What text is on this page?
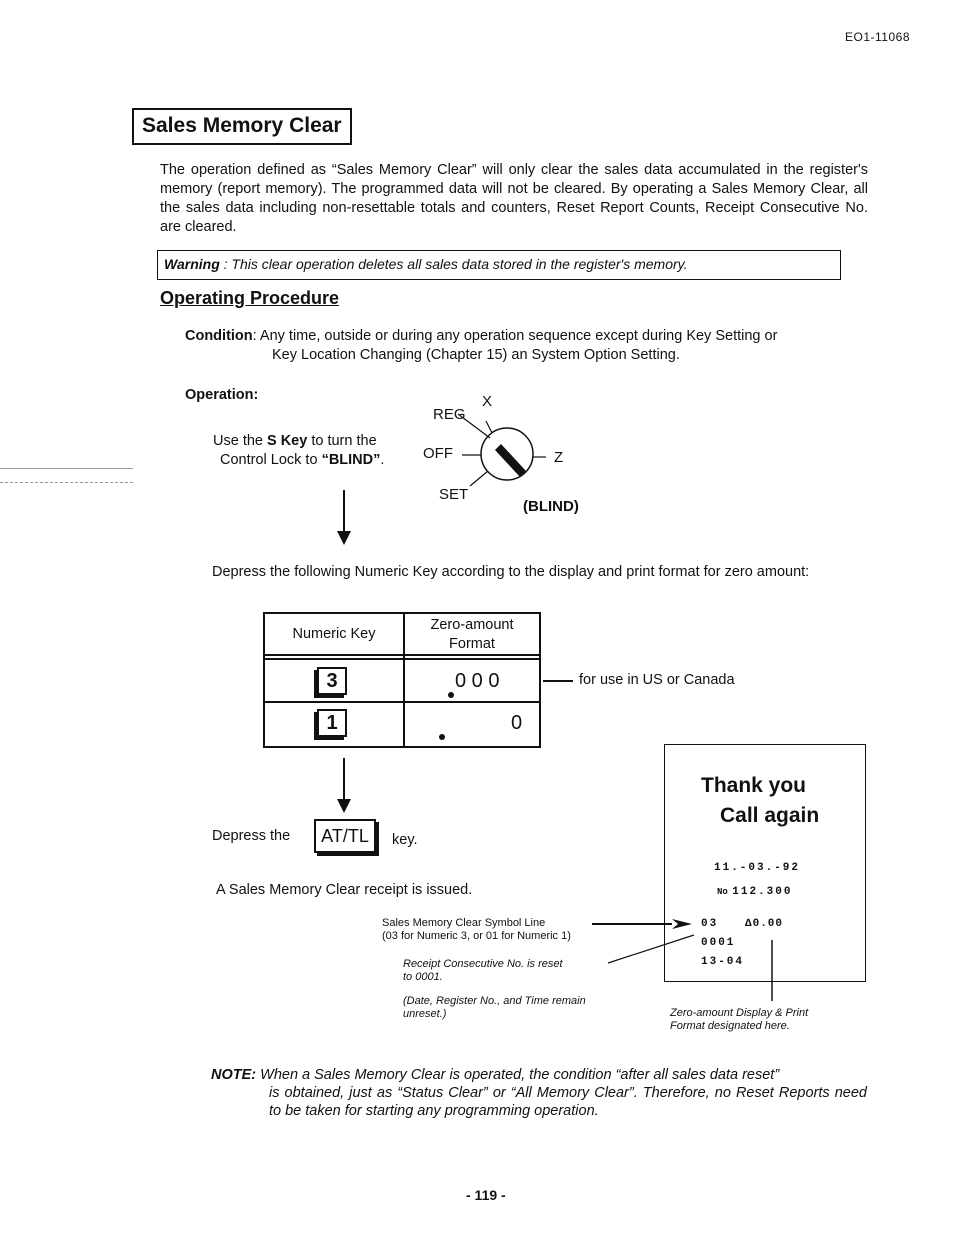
EO1-11068
Sales Memory Clear
The operation defined as “Sales Memory Clear” will only clear the sales data accumulated in the register's memory (report memory). The programmed data will not be cleared. By operating a Sales Memory Clear, all the sales data including non-resettable totals and counters, Reset Report Counts, Receipt Consecutive No. are cleared.
Warning : This clear operation deletes all sales data stored in the register's memory.
Operating Procedure
Condition: Any time, outside or during any operation sequence except during Key Setting or
Key Location Changing (Chapter 15) an System Option Setting.
Operation:
Use the S Key to turn the
Control Lock to “BLIND”.
REG
X
OFF	Z
SET
(BLIND)
Depress the following Numeric Key according to the display and print format for zero amount:
Numeric Key
Zero-amount
Format
3	0 0 0
1	0
for use in US or Canada
Depress the	AT/TL	key.
A Sales Memory Clear receipt is issued.
Thank you
Call again
11.-03.-92
No 112.300
03 ∆0.00
0001
13-04
Sales Memory Clear Symbol Line
(03 for Numeric 3, or 01 for Numeric 1)
Receipt Consecutive No. is reset
to 0001.
(Date, Register No., and Time remain
unreset.)	Zero-amount Display & Print
Format designated here.
NOTE: When a Sales Memory Clear is operated, the condition “after all sales data reset”
is obtained, just as “Status Clear” or “All Memory Clear”. Therefore, no Reset Reports need to be taken for starting any programming operation.
- 119 -
